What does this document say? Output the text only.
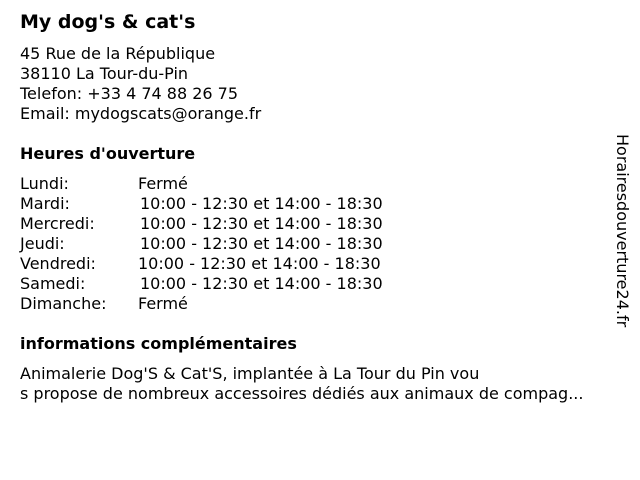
My dog's & cat's
45 Rue de la République
38110 La Tour-du-Pin
Telefon: +33 4 74 88 26 75
Email: mydogscats@orange.fr
Heures d'ouverture
Lundi:	Fermé
Mardi:	10:00 - 12:30 et 14:00 - 18:30
Mercredi:	10:00 - 12:30 et 14:00 - 18:30
Jeudi:	10:00 - 12:30 et 14:00 - 18:30
Vendredi:	10:00 - 12:30 et 14:00 - 18:30
Samedi:	10:00 - 12:30 et 14:00 - 18:30
Dimanche: Fermé
informations complémentaires
Animalerie Dog'S & Cat'S, implantée à La Tour du Pin vou
s propose de nombreux accessoires dédiés aux animaux de compag...
Horairesdouverture24.fr
